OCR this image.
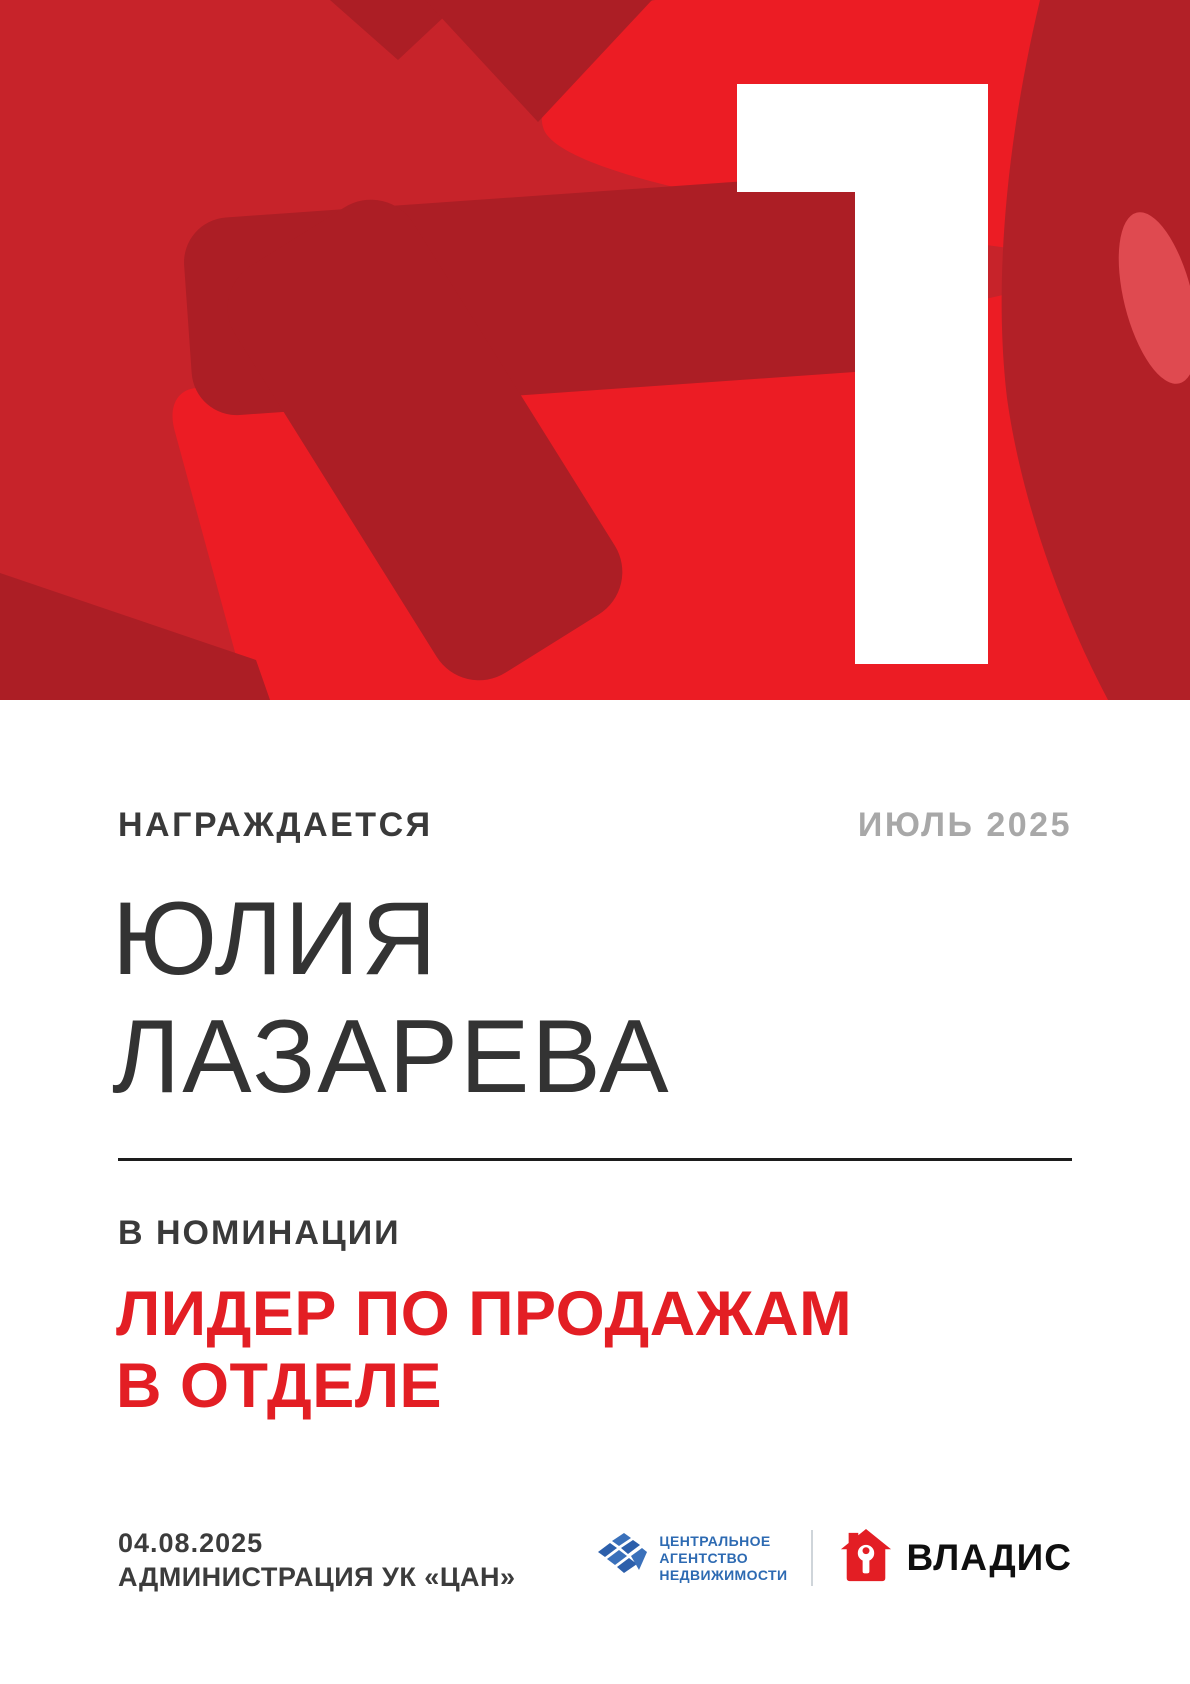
НАГРАЖДАЕТСЯ	ИЮЛЬ 2025
ЮЛИЯ
ЛАЗАРЕВА
В НОМИНАЦИИ
ЛИДЕР ПО ПРОДАЖАМ
В ОТДЕЛЕ
04.08.2025
АДМИНИСТРАЦИЯ УК «ЦАН»
ЦЕНТРАЛЬНОЕ
АГЕНТСТВО
НЕДВИЖИМОСТИ	ВЛАДИС
